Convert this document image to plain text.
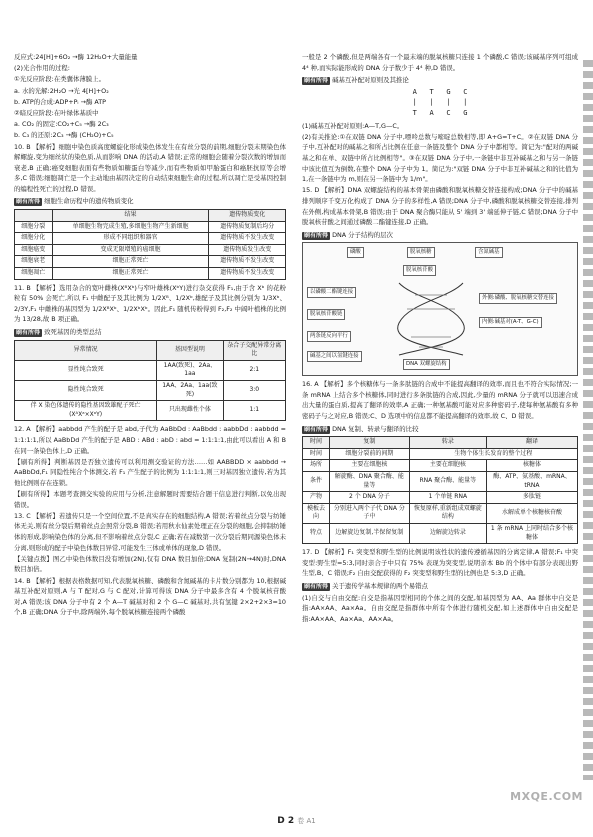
反应式:24[H]+6O₂ →酶 12H₂O+大量能量

(2)光合作用的过程:

①光反应阶段:在类囊体薄膜上。

a. 水的光解:2H₂O →光 4[H]+O₂

b. ATP的合成:ADP+Pᵢ →酶 ATP

②暗反应阶段:在叶绿体基质中

a. CO₂ 的固定:CO₂+C₅ →酶 2C₃

b. C₃ 的还原:2C₃ →酶 (CH₂O)+C₅

10. B 【解析】细胞中染色质高度螺旋化形成染色体发生在有丝分裂的前期,细胞分裂末期染色体解螺旋,变为细丝状的染色质,从而影响 DNA 的活动,A 错误;正常的细胞会随着分裂次数的增加而衰老,B 正确;癌变细胞表面有些物质如糖蛋白等减少,而有些物质如甲胎蛋白和癌胚抗原等会增多,C 错误;细胞凋亡是一个主动地由基因决定的自动结束细胞生命的过程,所以凋亡是受基因控制的编程性死亡的过程,D 错误。

刷有所得 细胞生命历程中的遗传物质变化
	结果	遗传物质变化
细胞分裂	单细胞生物完成生殖,多细胞生物产生新细胞	遗传物质复制后均分
细胞分化	形成不同组织和器官	遗传物质不发生改变
细胞癌变	变成无限增殖的癌细胞	遗传物质发生改变
细胞衰老	细胞正常死亡	遗传物质不发生改变
细胞凋亡	细胞正常死亡	遗传物质不发生改变

11. B 【解析】选用杂合的宽叶雌株(XᴮXᵇ)与窄叶雄株(XᵇY)进行杂交获得 F₁,由于含 Xᵇ 的花粉粒有 50% 会死亡,所以 F₁ 中雌配子及其比例为 1/2Xᴮ、1/2Xᵇ,雄配子及其比例分别为 1/3Xᵇ、2/3Y,F₁ 中雌株的基因型为 1/2XᴮXᵇ、1/2XᵇXᵇ。因此,F₁ 随机传粉得到 F₂,F₂ 中阔叶植株的比例为 13/28,故 B 项正确。

刷有所得 致死基因的类型总结
异常情况	基因型说明	杂合子交配异常分离比
显性纯合致死	1AA(致死)、2Aa、1aa	2:1
隐性纯合致死	1AA、2Aa、1aa(致死)	3:0
伴 X 染色体遗传的隐性基因致雄配子死亡(XᴬXᵃ×XᵃY)	只出现雌性个体	1:1

12. A 【解析】aabbdd 产生的配子是 abd,子代为 AaBbDd : AaBbdd : aabbDd : aabbdd = 1:1:1:1,所以 AaBbDd 产生的配子是 ABD : ABd : abD : abd = 1:1:1:1,由此可以看出 A 和 B 在同一条染色体上,D 正确。

【刷有所得】判断基因是否独立遗传可以利用测交验证的方法……如 AABBDD × aabbdd → AaBbDd,F₁ 同隐性纯合个体测交,若 F₁ 产生配子的比例为 1:1:1:1,则三对基因独立遗传,若为其他比例则存在连锁。

【刷有所得】本题考查测交实验的应用与分析,注意解题时需要结合题干信息进行判断,以免出现错误。

13. C 【解析】若遗传只是一个空间位置,不是真实存在的细胞结构,A 错误;若着丝点分裂与纺锤体无关,则有丝分裂后期着丝点会照常分裂,B 错误;若用秋水仙素处理正在分裂的细胞,会抑制纺锤体的形成,影响染色体的分离,但不影响着丝点分裂,C 正确;若在减数第一次分裂后期同源染色体未分离,则形成的配子中染色体数目异常,可能发生三体或单体的现象,D 错误。

【关键点拨】图乙中染色体数目没有增加(2N),仅有 DNA 数目加倍;DNA 复制(2N→4N)时,DNA 数目加倍。

14. B 【解析】根据表格数据可知,代表脱氧核糖、磷酸和含氮碱基的卡片数分别都为 10,根据碱基互补配对原则,A 与 T 配对,G 与 C 配对,计算可得该 DNA 分子中最多含有 4 个脱氧核苷酸对,A 错误;该 DNA 分子中有 2 个 A—T 碱基对和 2 个 G—C 碱基对,共有氢键 2×2+2×3=10 个,B 正确;DNA 分子中,除两端外,每个脱氧核糖连接两个磷酸

一般是 2 个磷酸,但是两端各有一个最末端的脱氧核糖只连接 1 个磷酸,C 错误;该碱基序列可组成 4⁴ 种,而实际能形成的 DNA 分子数少于 4⁴ 种,D 错误。

刷有所得 碱基互补配对原则及其推论
A T G C
|   |   |   |
T A C G

(1)碱基互补配对原则:A—T,G—C。

(2)有关推论:①在双链 DNA 分子中,嘌呤总数与嘧啶总数相等,即 A+G=T+C。②在双链 DNA 分子中,互补配对的碱基之和所占比例在任意一条链及整个 DNA 分子中都相等。简记为:"配对的两碱基之和在单、双链中所占比例相等"。③在双链 DNA 分子中,一条链中非互补碱基之和与另一条链中该比值互为倒数,在整个 DNA 分子中为 1。简记为:"双链 DNA 分子中非互补碱基之和的比值为 1,在一条链中为 m,则在另一条链中为 1/m"。

15. D 【解析】DNA 双螺旋结构的基本骨架由磷酸和脱氧核糖交替连接构成;DNA 分子中的碱基排列顺序千变万化构成了 DNA 分子的多样性,A 错误;DNA 分子中,磷酸和脱氧核糖交替连接,排列在外侧,构成基本骨架,B 错误;由于 DNA 聚合酶只能从 5' 端到 3' 端延伸子链,C 错误;DNA 分子中脱氧核苷酸之间通过磷酸二酯键连接,D 正确。

刷有所得 DNA 分子结构的层次
磷酸	脱氧核糖	含氮碱基
脱氧核苷酸
以磷酸二酯键连接
脱氧核苷酸链
两条链反向平行
碱基之间以氢键连接
外侧:磷酸、脱氧核糖交替连接
内侧:碱基对(A-T、G-C)
DNA 双螺旋结构

16. A 【解析】多个核糖体与一条多肽链的合成中不能提高翻译的效率,而且也不符合实际情况;一条 mRNA 上结合多个核糖体,同时进行多条肽链的合成,因此,少量的 mRNA 分子就可以迅速合成出大量的蛋白质,提高了翻译的效率,A 正确;一种氨基酸可能对应多种密码子,使每种氨基酸有多种密码子与之对应,B 错误;C、D 选项中的信息都不能提高翻译的效率,故 C、D 错误。

刷有所得 DNA 复制、转录与翻译的比较
时间	复制	转录	翻译
时间	细胞分裂前的间期	生物个体生长发育的整个过程	
场所	主要在细胞核	主要在细胞核	核糖体
条件	解旋酶、DNA 聚合酶、能量等	RNA 聚合酶、能量等	酶、ATP、氨基酸、mRNA、tRNA
产物	2 个 DNA 分子	1 个单链 RNA	多肽链
模板去向	分别进入两个子代 DNA 分子中	恢复原样,重新组成双螺旋结构	水解成单个核糖核苷酸
特点	边解旋边复制,半保留复制	边解旋边转录	1 条 mRNA 上同时结合多个核糖体

17. D 【解析】F₁ 突变型和野生型的比例说明该性状的遗传遵循基因的分离定律,A 错误;F₁ 中突变型:野生型=5:3,同时亲合子中只有 75% 表现为突变型,说明亲本 Bb 的个体中有部分表现出野生型,B、C 错误;F₂ 自由交配获得的 F₂ 突变型和野生型的比例也是 5:3,D 正确。

刷有所得 关于遗传学基本规律的两个易错点

(1)自交与自由交配:自交是指基因型相同的个体之间的交配,如基因型为 AA、Aa 群体中自交是指:AA×AA、Aa×Aa。自由交配是指群体中所有个体进行随机交配,如上述群体中自由交配是指:AA×AA、Aa×Aa、AA×Aa。

D 2 卷 A1
MXQE.COM
